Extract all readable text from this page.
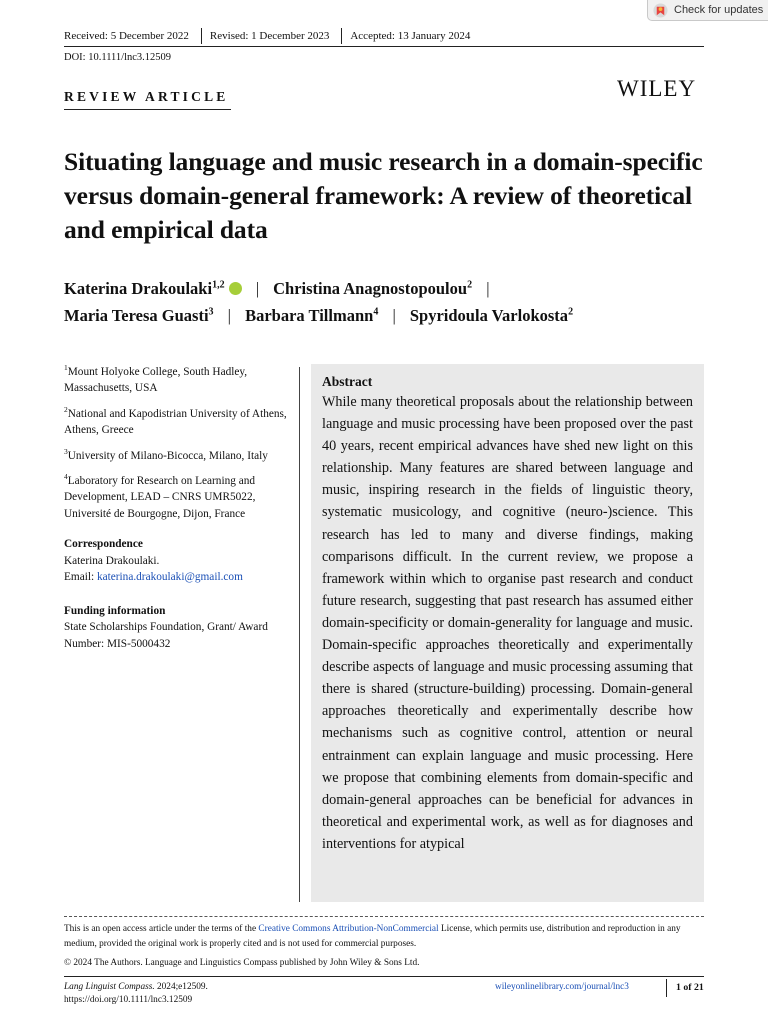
Check for updates
Received: 5 December 2022 Revised: 1 December 2023 Accepted: 13 January 2024
DOI: 10.1111/lnc3.12509
REVIEW ARTICLE	WILEY
Situating language and music research in a domain-specific versus domain-general framework: A review of theoretical and empirical data
Katerina Drakoulaki$^{1,2}$ | Christina Anagnostopoulou$^2$ |
Maria Teresa Guasti$^3$ | Barbara Tillmann$^4$ | Spyridoula Varlokosta$^2$

$^1$Mount Holyoke College, South Hadley, Massachusetts, USA

$^2$National and Kapodistrian University of Athens, Athens, Greece

$^3$University of Milano-Bicocca, Milano, Italy

$^4$Laboratory for Research on Learning and Development, LEAD – CNRS UMR5022, Université de Bourgogne, Dijon, France

Correspondence
Katerina Drakoulaki.
Email: katerina.drakoulaki@gmail.com
Funding information
State Scholarships Foundation, Grant/ Award Number: MIS-5000432
Abstract
While many theoretical proposals about the relationship between language and music processing have been proposed over the past 40 years, recent empirical advances have shed new light on this relationship. Many features are shared between language and music, inspiring research in the fields of linguistic theory, systematic musicology, and cognitive (neuro-)science. This research has led to many and diverse findings, making comparisons difficult. In the current review, we propose a framework within which to organise past research and conduct future research, suggesting that past research has assumed either domain-specificity or domain-generality for language and music. Domain-specific approaches theoretically and experimentally describe aspects of language and music processing assuming that there is shared (structure-building) processing. Domain-general approaches theoretically and experimentally describe how mechanisms such as cognitive control, attention or neural entrainment can explain language and music processing. Here we propose that combining elements from domain-specific and domain-general approaches can be beneficial for advances in theoretical and experimental work, as well as for diagnoses and interventions for atypical
This is an open access article under the terms of the Creative Commons Attribution-NonCommercial License, which permits use, distribution and reproduction in any medium, provided the original work is properly cited and is not used for commercial purposes.
© 2024 The Authors. Language and Linguistics Compass published by John Wiley & Sons Ltd.
Lang Linguist Compass. 2024;e12509.
https://doi.org/10.1111/lnc3.12509
wileyonlinelibrary.com/journal/lnc3	1 of 21
